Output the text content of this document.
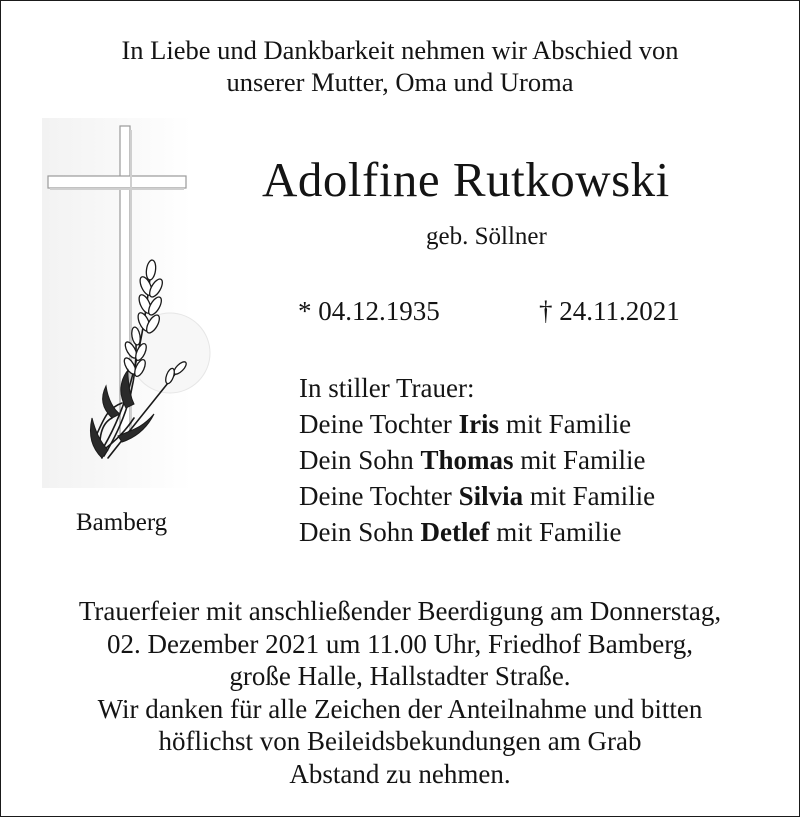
In Liebe und Dankbarkeit nehmen wir Abschied von
unserer Mutter, Oma und Uroma
Adolfine Rutkowski
geb. Söllner
* 04.12.1935	† 24.11.2021
In stiller Trauer:
Deine Tochter Iris mit Familie
Dein Sohn Thomas mit Familie
Deine Tochter Silvia mit Familie
Dein Sohn Detlef mit Familie
Bamberg
Trauerfeier mit anschließender Beerdigung am Donnerstag,
02. Dezember 2021 um 11.00 Uhr, Friedhof Bamberg,
große Halle, Hallstadter Straße.
Wir danken für alle Zeichen der Anteilnahme und bitten
höflichst von Beileidsbekundungen am Grab
Abstand zu nehmen.
